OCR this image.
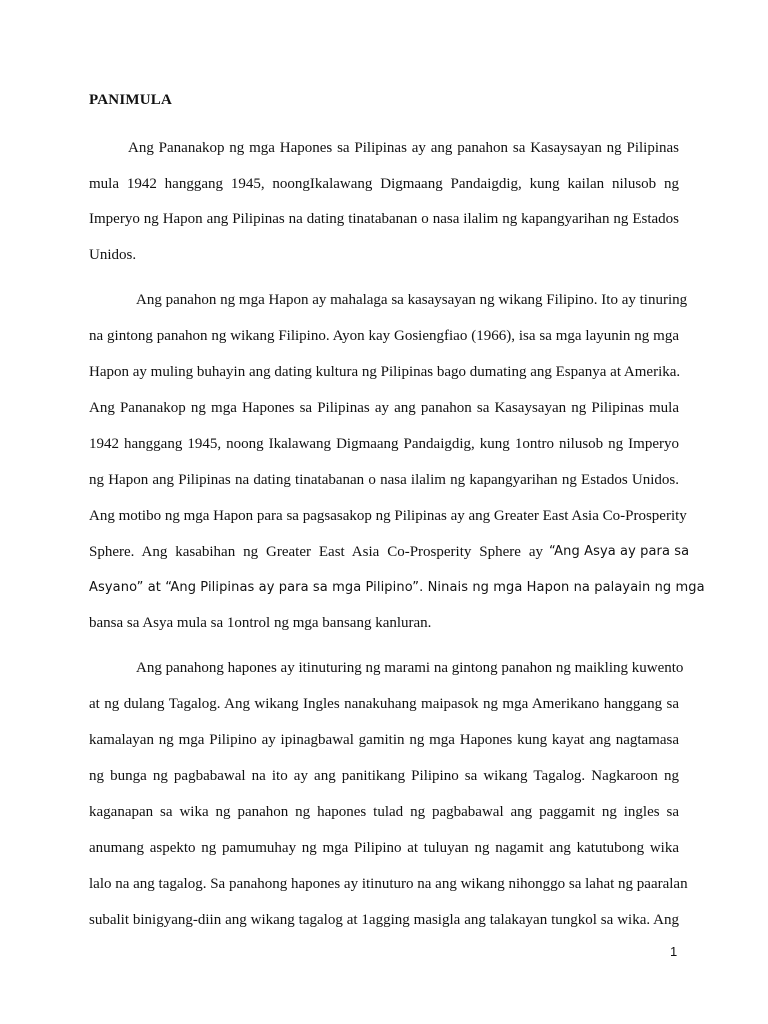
PANIMULA

Ang Pananakop ng mga Hapones sa Pilipinas ay ang panahon sa Kasaysayan ng Pilipinas

mula 1942 hanggang 1945, noongIkalawang Digmaang Pandaigdig, kung kailan nilusob ng

Imperyo ng Hapon ang Pilipinas na dating tinatabanan o nasa ilalim ng kapangyarihan ng Estados

Unidos.

Ang panahon ng mga Hapon ay mahalaga sa kasaysayan ng wikang Filipino. Ito ay tinuring

na gintong panahon ng wikang Filipino. Ayon kay Gosiengfiao (1966), isa sa mga layunin ng mga

Hapon ay muling buhayin ang dating kultura ng Pilipinas bago dumating ang Espanya at Amerika.

Ang Pananakop ng mga Hapones sa Pilipinas ay ang panahon sa Kasaysayan ng Pilipinas mula

1942 hanggang 1945, noong Ikalawang Digmaang Pandaigdig, kung 1ontro nilusob ng Imperyo

ng Hapon ang Pilipinas na dating tinatabanan o nasa ilalim ng kapangyarihan ng Estados Unidos.

Ang motibo ng mga Hapon para sa pagsasakop ng Pilipinas ay ang Greater East Asia Co-Prosperity

Sphere. Ang kasabihan ng Greater East Asia Co-Prosperity Sphere ay “Ang Asya ay para sa

Asyano” at “Ang Pilipinas ay para sa mga Pilipino”. Ninais ng mga Hapon na palayain ng mga

bansa sa Asya mula sa 1ontrol ng mga bansang kanluran.

Ang panahong hapones ay itinuturing ng marami na gintong panahon ng maikling kuwento

at ng dulang Tagalog. Ang wikang Ingles nanakuhang maipasok ng mga Amerikano hanggang sa

kamalayan ng mga Pilipino ay ipinagbawal gamitin ng mga Hapones kung kayat ang nagtamasa

ng bunga ng pagbabawal na ito ay ang panitikang Pilipino sa wikang Tagalog. Nagkaroon ng

kaganapan sa wika ng panahon ng hapones tulad ng pagbabawal ang paggamit ng ingles sa

anumang aspekto ng pamumuhay ng mga Pilipino at tuluyan ng nagamit ang katutubong wika

lalo na ang tagalog. Sa panahong hapones ay itinuturo na ang wikang nihonggo sa lahat ng paaralan

subalit binigyang-diin ang wikang tagalog at 1agging masigla ang talakayan tungkol sa wika. Ang

1
